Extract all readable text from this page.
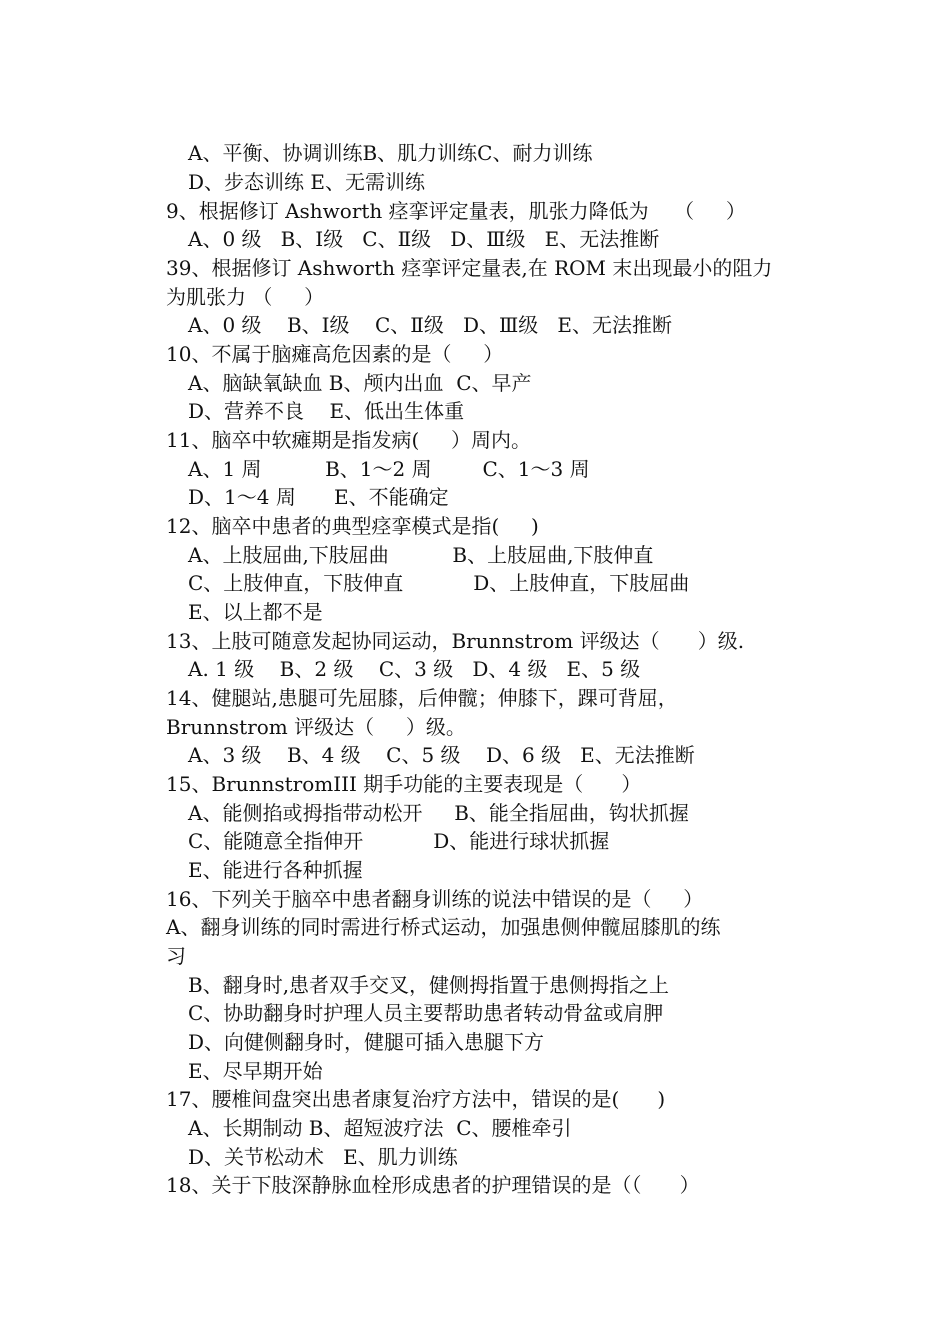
A、平衡、协调训练B、肌力训练C、耐力训练
D、步态训练 E、无需训练
9、根据修订 Ashworth 痉挛评定量表，肌张力降低为    （     ）
A、0 级   B、Ⅰ级   C、Ⅱ级   D、Ⅲ级   E、无法推断
39、根据修订 Ashworth 痉挛评定量表,在 ROM 末出现最小的阻力
为肌张力 （     ）
A、0 级    B、Ⅰ级    C、Ⅱ级   D、Ⅲ级   E、无法推断
10、不属于脑瘫高危因素的是（     ）
A、脑缺氧缺血 B、颅内出血  C、早产
D、营养不良    E、低出生体重
11、脑卒中软瘫期是指发病(     ）周内。
A、1 周          B、1～2 周        C、1～3 周
D、1～4 周      E、不能确定
12、脑卒中患者的典型痉挛模式是指(     )
A、上肢屈曲,下肢屈曲          B、上肢屈曲,下肢伸直
C、上肢伸直，下肢伸直           D、上肢伸直，下肢屈曲
E、以上都不是
13、上肢可随意发起协同运动，Brunnstrom 评级达（      ）级.
A. 1 级    B、2 级    C、3 级   D、4 级   E、5 级
14、健腿站,患腿可先屈膝，后伸髋；伸膝下，踝可背屈，
Brunnstrom 评级达（     ）级。
A、3 级    B、4 级    C、5 级    D、6 级   E、无法推断
15、BrunnstromIII 期手功能的主要表现是（      ）
A、能侧掐或拇指带动松开     B、能全指屈曲，钩状抓握
C、能随意全指伸开           D、能进行球状抓握
E、能进行各种抓握
16、下列关于脑卒中患者翻身训练的说法中错误的是（     ）
A、翻身训练的同时需进行桥式运动，加强患侧伸髋屈膝肌的练
习
B、翻身时,患者双手交叉，健侧拇指置于患侧拇指之上
C、协助翻身时护理人员主要帮助患者转动骨盆或肩胛
D、向健侧翻身时，健腿可插入患腿下方
E、尽早期开始
17、腰椎间盘突出患者康复治疗方法中，错误的是(      )
A、长期制动 B、超短波疗法  C、腰椎牵引
D、关节松动术   E、肌力训练
18、关于下肢深静脉血栓形成患者的护理错误的是（（      ）
